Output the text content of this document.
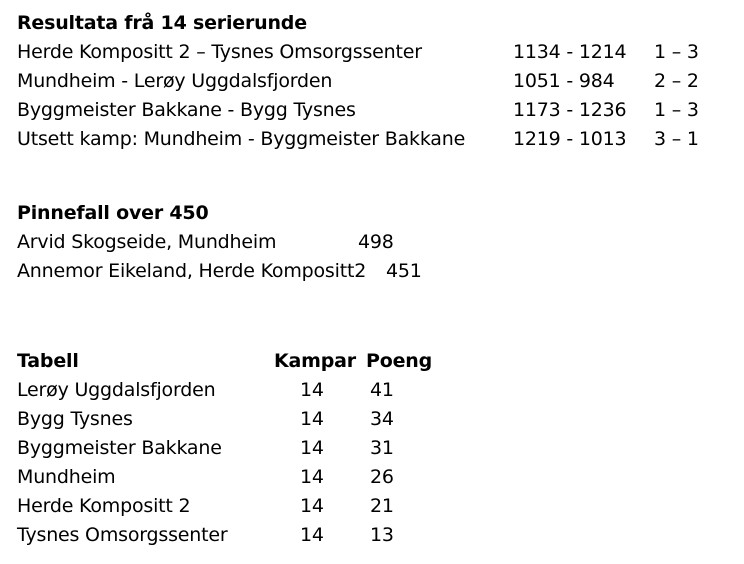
Resultata frå 14 serierunde
Herde Kompositt 2 – Tysnes Omsorgssenter	1134 - 1214 1 – 3
Mundheim - Lerøy Uggdalsfjorden	1051 - 984 2 – 2
Byggmeister Bakkane - Bygg Tysnes	1173 - 1236 1 – 3
Utsett kamp: Mundheim - Byggmeister Bakkane	1219 - 1013 3 – 1
Pinnefall over 450
Arvid Skogseide, Mundheim	498
Annemor Eikeland, Herde Kompositt2 451
Tabell	Kampar Poeng
Lerøy Uggdalsfjorden	14 41
Bygg Tysnes	14 34
Byggmeister Bakkane	14 31
Mundheim	14 26
Herde Kompositt 2	14 21
Tysnes Omsorgssenter	14 13
